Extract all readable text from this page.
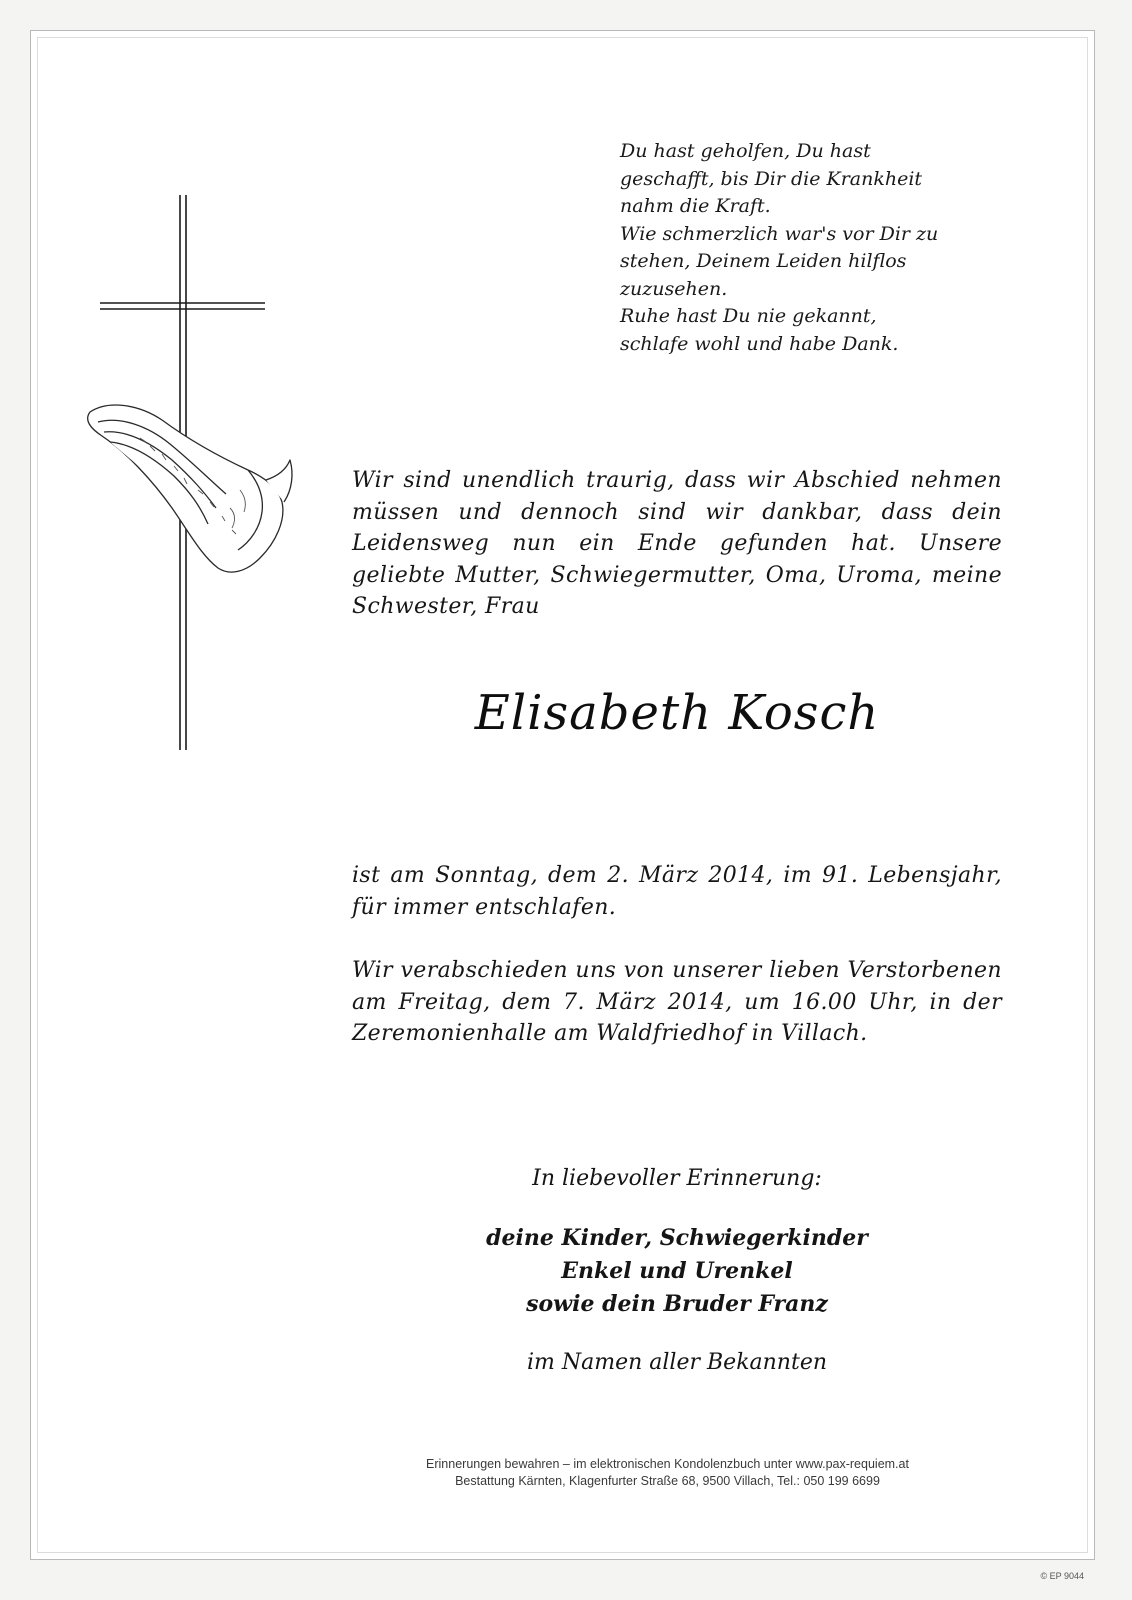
Du hast geholfen, Du hast
geschafft, bis Dir die Krankheit
nahm die Kraft.
Wie schmerzlich war's vor Dir zu
stehen, Deinem Leiden hilflos
zuzusehen.
Ruhe hast Du nie gekannt,
schlafe wohl und habe Dank.
Wir sind unendlich traurig, dass wir Abschied nehmen müssen und dennoch sind wir dankbar, dass dein Leidensweg nun ein Ende gefunden hat. Unsere geliebte Mutter, Schwiegermutter, Oma, Uroma, meine Schwester, Frau
Elisabeth Kosch
ist am Sonntag, dem 2. März 2014, im 91. Lebensjahr, für immer entschlafen.
Wir verabschieden uns von unserer lieben Verstorbenen am Freitag, dem 7. März 2014, um 16.00 Uhr, in der Zeremonienhalle am Waldfriedhof in Villach.
In liebevoller Erinnerung:
deine Kinder, Schwiegerkinder
Enkel und Urenkel
sowie dein Bruder Franz
im Namen aller Bekannten
Erinnerungen bewahren – im elektronischen Kondolenzbuch unter www.pax-requiem.at
Bestattung Kärnten, Klagenfurter Straße 68, 9500 Villach, Tel.: 050 199 6699
© EP 9044
